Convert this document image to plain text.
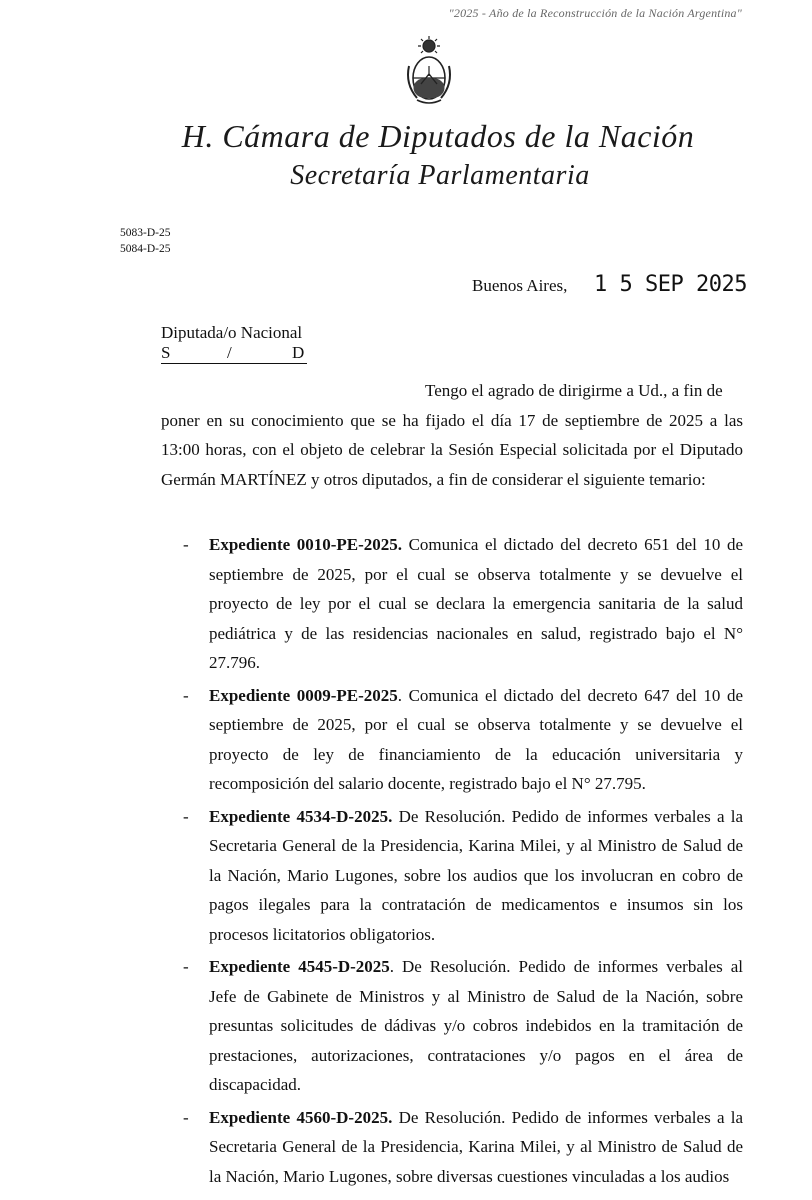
"2025 - Año de la Reconstrucción de la Nación Argentina"
H. Cámara de Diputados de la Nación
Secretaría Parlamentaria
5083-D-25
5084-D-25
Buenos Aires, 1 5 SEP 2025
Diputada/o Nacional
S	/	D

Tengo el agrado de dirigirme a Ud., a fin de
poner en su conocimiento que se ha fijado el día 17 de septiembre de 2025 a las 13:00 horas, con el objeto de celebrar la Sesión Especial solicitada por el Diputado Germán MARTÍNEZ y otros diputados, a fin de considerar el siguiente temario:
- Expediente 0010-PE-2025. Comunica el dictado del decreto 651 del 10 de septiembre de 2025, por el cual se observa totalmente y se devuelve el proyecto de ley por el cual se declara la emergencia sanitaria de la salud pediátrica y de las residencias nacionales en salud, registrado bajo el N° 27.796.
- Expediente 0009-PE-2025. Comunica el dictado del decreto 647 del 10 de septiembre de 2025, por el cual se observa totalmente y se devuelve el proyecto de ley de financiamiento de la educación universitaria y recomposición del salario docente, registrado bajo el N° 27.795.
- Expediente 4534-D-2025. De Resolución. Pedido de informes verbales a la Secretaria General de la Presidencia, Karina Milei, y al Ministro de Salud de la Nación, Mario Lugones, sobre los audios que los involucran en cobro de pagos ilegales para la contratación de medicamentos e insumos sin los procesos licitatorios obligatorios.
- Expediente 4545-D-2025. De Resolución. Pedido de informes verbales al Jefe de Gabinete de Ministros y al Ministro de Salud de la Nación, sobre presuntas solicitudes de dádivas y/o cobros indebidos en la tramitación de prestaciones, autorizaciones, contrataciones y/o pagos en el área de discapacidad.
- Expediente 4560-D-2025. De Resolución. Pedido de informes verbales a la Secretaria General de la Presidencia, Karina Milei, y al Ministro de Salud de la Nación, Mario Lugones, sobre diversas cuestiones vinculadas a los audios
